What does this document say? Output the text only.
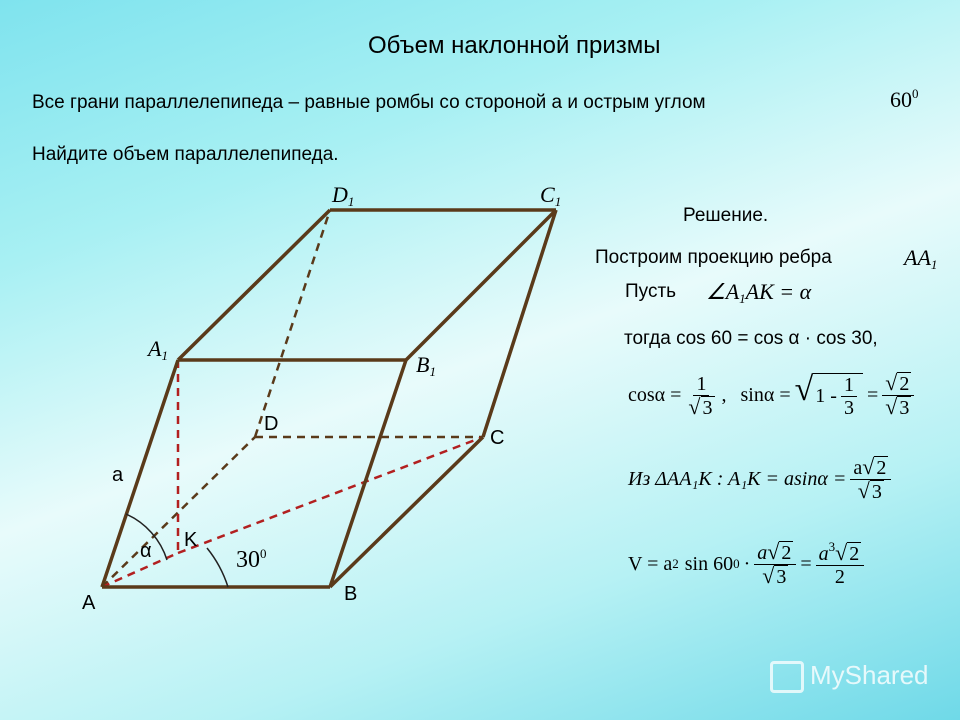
Объем наклонной призмы
Все грани параллелепипеда – равные ромбы со стороной а и острым углом	$60^0$
Найдите объем параллелепипеда.
A	B
C
D
K
a
α
$A_1$	$B_1$
$C_1$
$D_1$
$30^0$
Решение.
Построим проекцию ребра	$AA_1$
Пусть $\angle A_1AK = \alpha$
тогда cos 60 = cos α · cos 30,
$\cos\alpha = \frac{1}{√ 3}$ , sinα = √ $1 - \frac{1}{3} = \frac{√ 2}{√ 3}$
Из ΔAA₁K : $A_1K = asin\alpha = \frac{a √ 2}{√ 3}$
V = a 2 sin 60 $0 \cdot \frac{a √ 2}{√ 3} = \frac{a^3 √ 2}{2}$
MyShared
